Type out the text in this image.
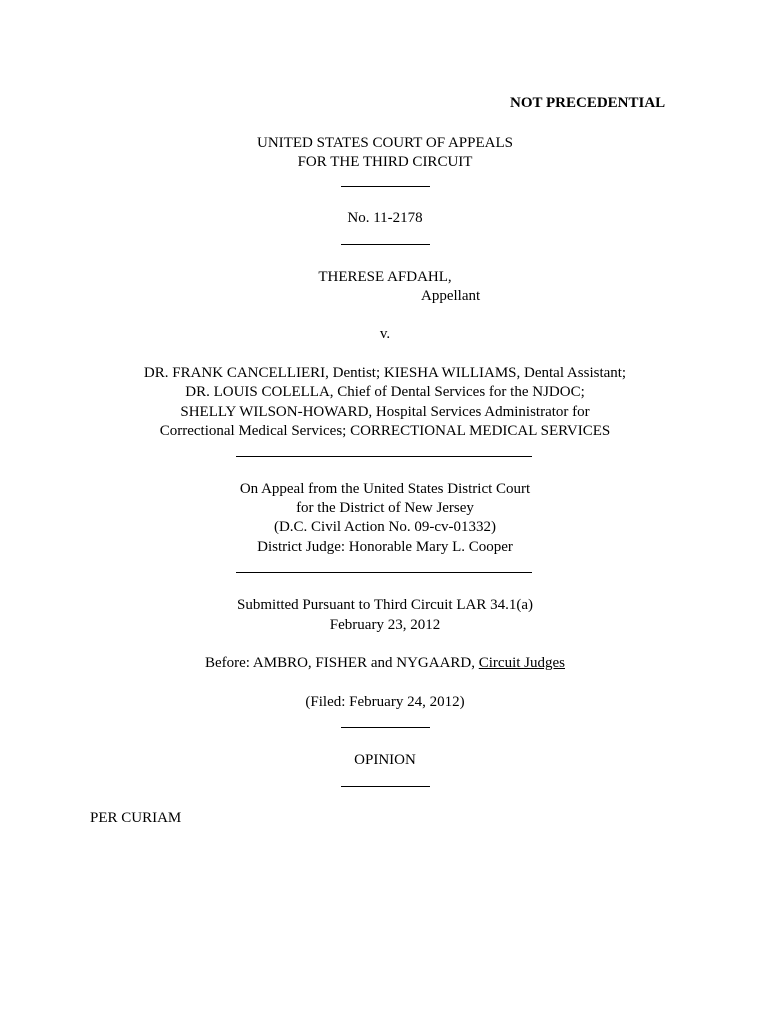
NOT PRECEDENTIAL
UNITED STATES COURT OF APPEALS
FOR THE THIRD CIRCUIT
No. 11-2178
THERESE AFDAHL,
Appellant
v.
DR. FRANK CANCELLIERI, Dentist; KIESHA WILLIAMS, Dental Assistant;
DR. LOUIS COLELLA, Chief of Dental Services for the NJDOC;
SHELLY WILSON-HOWARD, Hospital Services Administrator for
Correctional Medical Services; CORRECTIONAL MEDICAL SERVICES
On Appeal from the United States District Court
for the District of New Jersey
(D.C. Civil Action No. 09-cv-01332)
District Judge: Honorable Mary L. Cooper
Submitted Pursuant to Third Circuit LAR 34.1(a)
February 23, 2012
Before: AMBRO, FISHER and NYGAARD, Circuit Judges
(Filed: February 24, 2012)
OPINION
PER CURIAM
